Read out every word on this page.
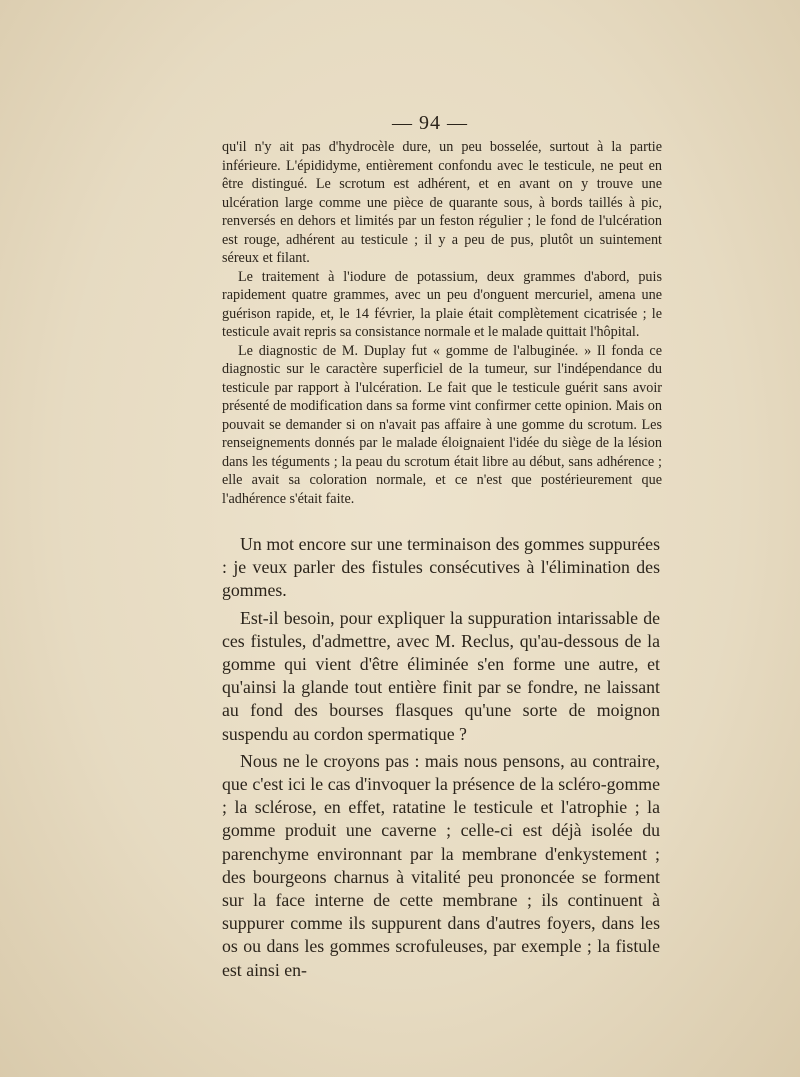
— 94 —

qu'il n'y ait pas d'hydrocèle dure, un peu bosselée, surtout à la partie inférieure. L'épididyme, entièrement confondu avec le testicule, ne peut en être distingué. Le scrotum est adhérent, et en avant on y trouve une ulcération large comme une pièce de quarante sous, à bords taillés à pic, renversés en dehors et limités par un feston régulier ; le fond de l'ulcération est rouge, adhérent au testicule ; il y a peu de pus, plutôt un suintement séreux et filant.

Le traitement à l'iodure de potassium, deux grammes d'abord, puis rapidement quatre grammes, avec un peu d'onguent mercuriel, amena une guérison rapide, et, le 14 février, la plaie était complètement cicatrisée ; le testicule avait repris sa consistance normale et le malade quittait l'hôpital.

Le diagnostic de M. Duplay fut « gomme de l'albuginée. » Il fonda ce diagnostic sur le caractère superficiel de la tumeur, sur l'indépendance du testicule par rapport à l'ulcération. Le fait que le testicule guérit sans avoir présenté de modification dans sa forme vint confirmer cette opinion. Mais on pouvait se demander si on n'avait pas affaire à une gomme du scrotum. Les renseignements donnés par le malade éloignaient l'idée du siège de la lésion dans les téguments ; la peau du scrotum était libre au début, sans adhérence ; elle avait sa coloration normale, et ce n'est que postérieurement que l'adhérence s'était faite.

Un mot encore sur une terminaison des gommes suppurées : je veux parler des fistules consécutives à l'élimination des gommes.

Est-il besoin, pour expliquer la suppuration intarissable de ces fistules, d'admettre, avec M. Reclus, qu'au-dessous de la gomme qui vient d'être éliminée s'en forme une autre, et qu'ainsi la glande tout entière finit par se fondre, ne laissant au fond des bourses flasques qu'une sorte de moignon suspendu au cordon spermatique ?

Nous ne le croyons pas : mais nous pensons, au contraire, que c'est ici le cas d'invoquer la présence de la scléro-gomme ; la sclérose, en effet, ratatine le testicule et l'atrophie ; la gomme produit une caverne ; celle-ci est déjà isolée du parenchyme environnant par la membrane d'enkystement ; des bourgeons charnus à vitalité peu prononcée se forment sur la face interne de cette membrane ; ils continuent à suppurer comme ils suppurent dans d'autres foyers, dans les os ou dans les gommes scrofuleuses, par exemple ; la fistule est ainsi en-
